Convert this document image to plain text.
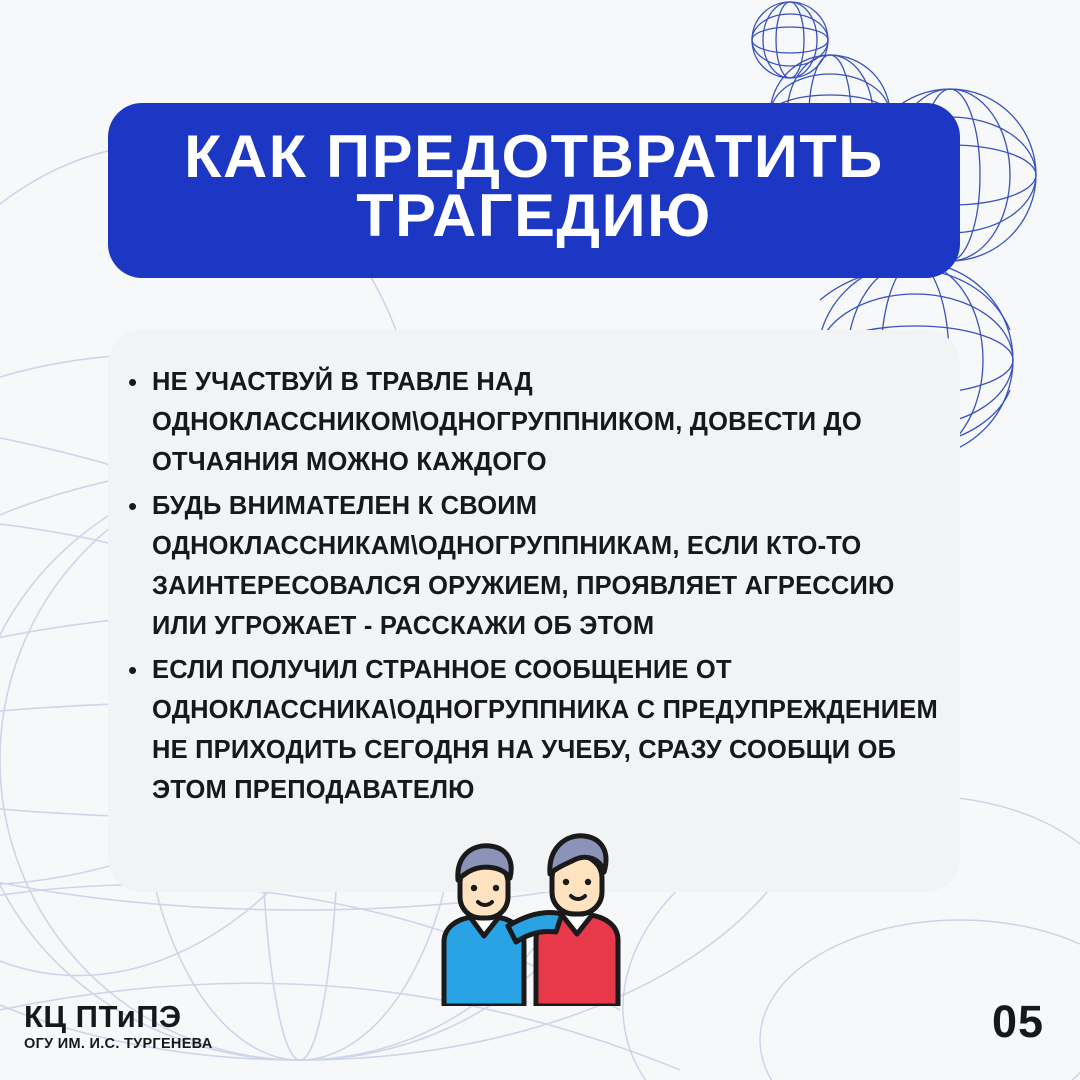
КАК ПРЕДОТВРАТИТЬ ТРАГЕДИЮ
• НЕ УЧАСТВУЙ В ТРАВЛЕ НАД ОДНОКЛАССНИКОМ\ОДНОГРУППНИКОМ, ДОВЕСТИ ДО ОТЧАЯНИЯ МОЖНО КАЖДОГО
• БУДЬ ВНИМАТЕЛЕН К СВОИМ ОДНОКЛАССНИКАМ\ОДНОГРУППНИКАМ, ЕСЛИ КТО-ТО ЗАИНТЕРЕСОВАЛСЯ ОРУЖИЕМ, ПРОЯВЛЯЕТ АГРЕССИЮ ИЛИ УГРОЖАЕТ - РАССКАЖИ ОБ ЭТОМ
• ЕСЛИ ПОЛУЧИЛ СТРАННОЕ СООБЩЕНИЕ ОТ ОДНОКЛАССНИКА\ОДНОГРУППНИКА С ПРЕДУПРЕЖДЕНИЕМ НЕ ПРИХОДИТЬ СЕГОДНЯ НА УЧЕБУ, СРАЗУ СООБЩИ ОБ ЭТОМ ПРЕПОДАВАТЕЛЮ
КЦ ПТиПЭ
ОГУ ИМ. И.С. ТУРГЕНЕВА	05
